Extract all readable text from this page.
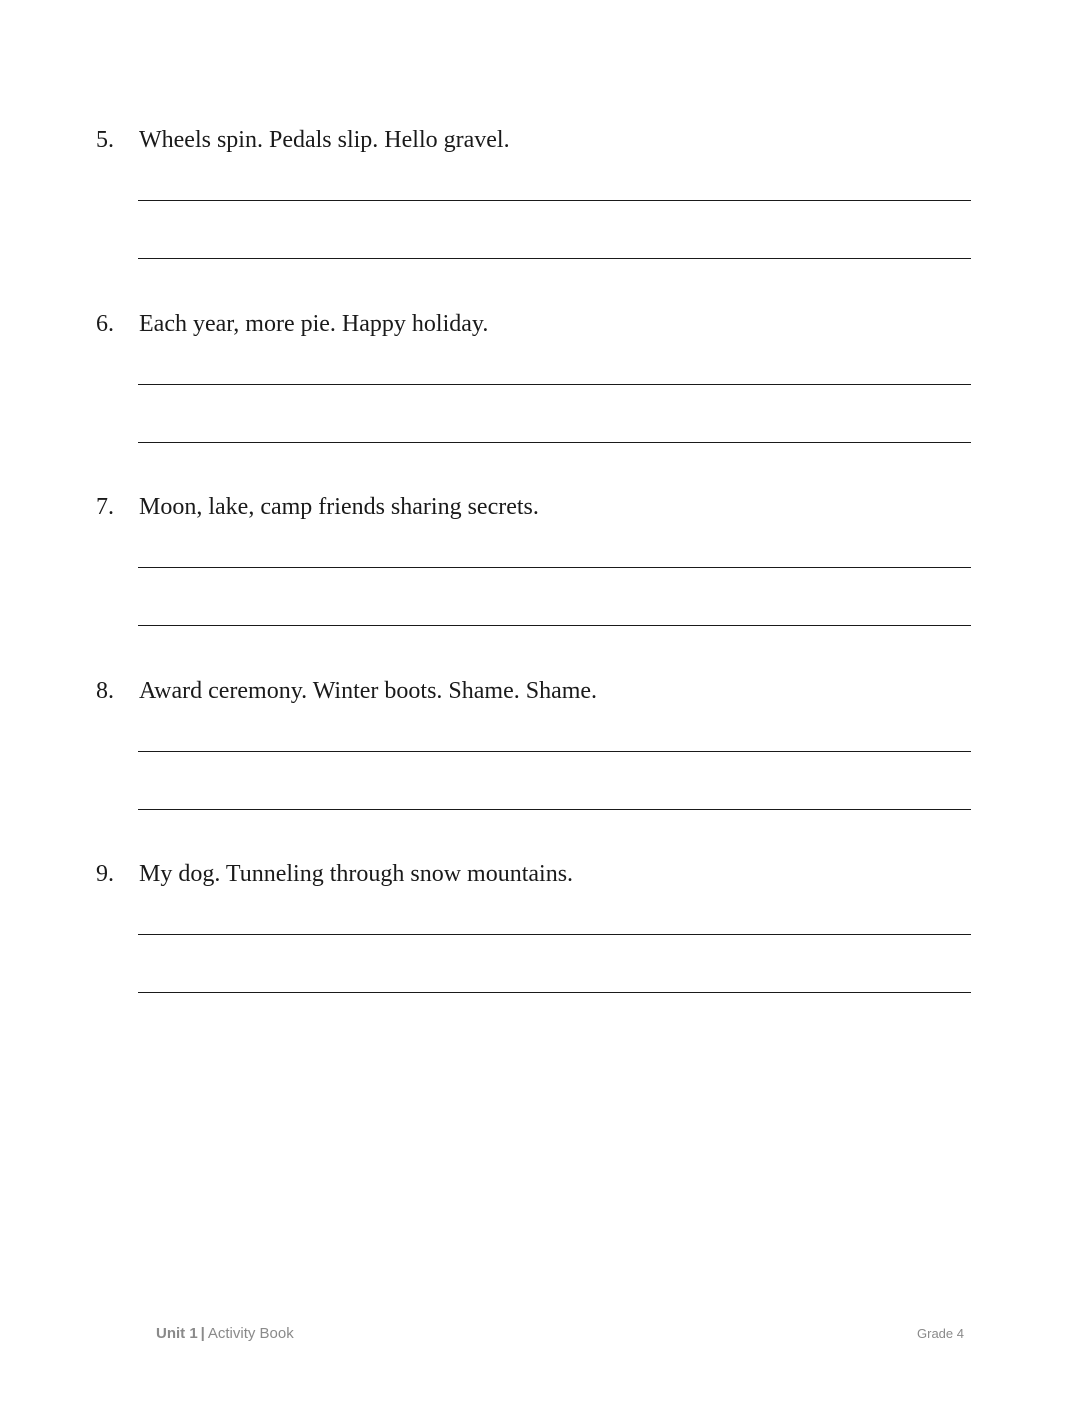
5. Wheels spin. Pedals slip. Hello gravel.
6. Each year, more pie. Happy holiday.
7. Moon, lake, camp friends sharing secrets.
8. Award ceremony. Winter boots. Shame. Shame.
9. My dog. Tunneling through snow mountains.
Unit 1 | Activity Book	Grade 4
